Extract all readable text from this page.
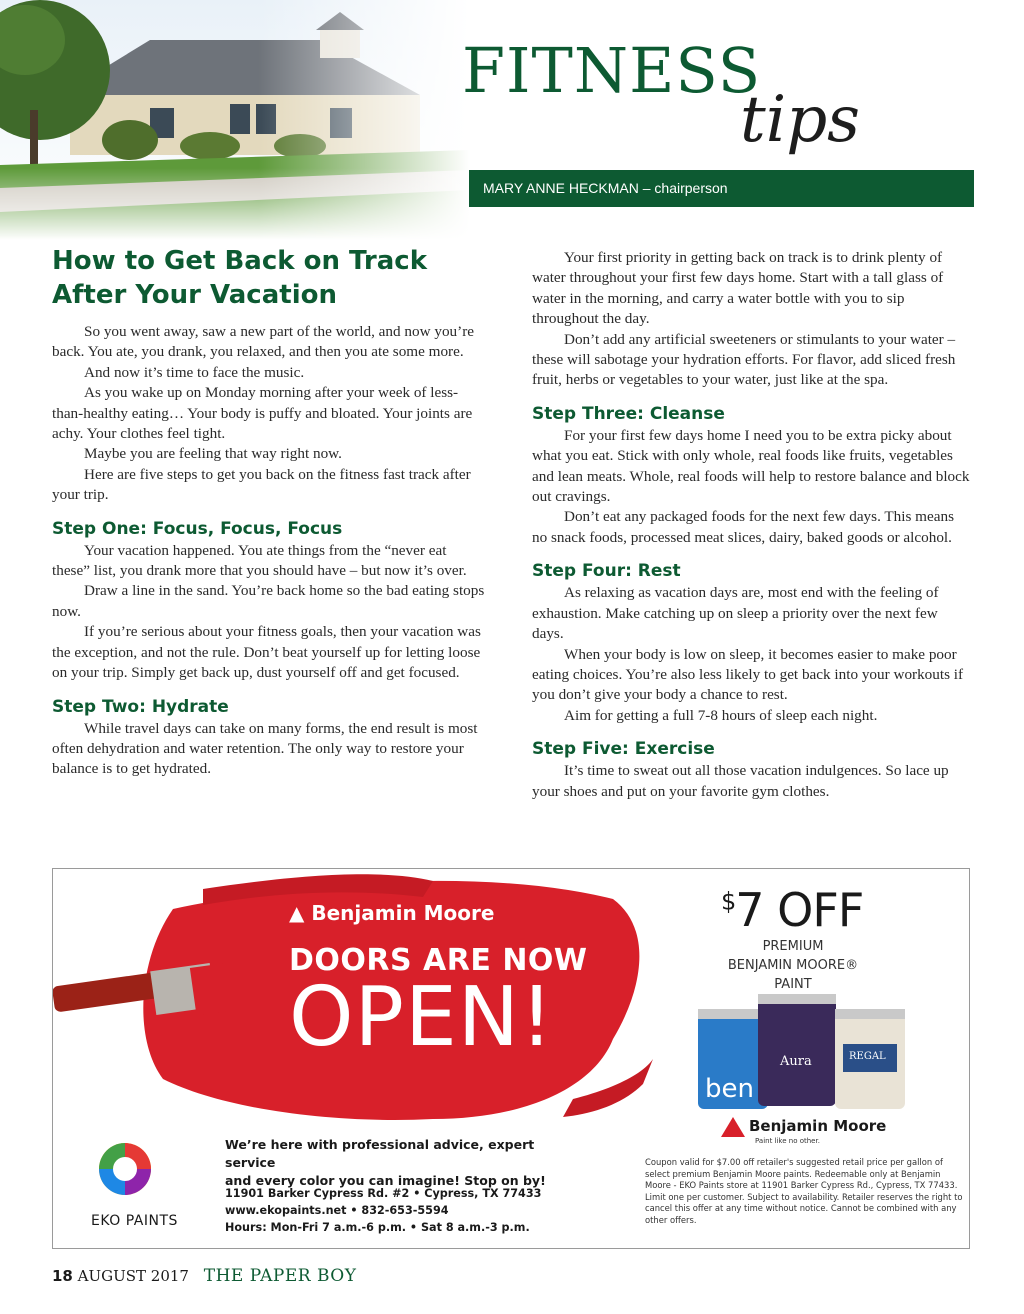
FITNESS
tips
MARY ANNE HECKMAN – chairperson
How to Get Back on Track After Your Vacation

So you went away, saw a new part of the world, and now you’re back. You ate, you drank, you relaxed, and then you ate some more.

And now it’s time to face the music.

As you wake up on Monday morning after your week of less-than-healthy eating… Your body is puffy and bloated. Your joints are achy. Your clothes feel tight.

Maybe you are feeling that way right now.

Here are five steps to get you back on the fitness fast track after your trip.

Step One: Focus, Focus, Focus

Your vacation happened. You ate things from the “never eat these” list, you drank more that you should have – but now it’s over.

Draw a line in the sand. You’re back home so the bad eating stops now.

If you’re serious about your fitness goals, then your vacation was the exception, and not the rule. Don’t beat yourself up for letting loose on your trip. Simply get back up, dust yourself off and get focused.

Step Two: Hydrate

While travel days can take on many forms, the end result is most often dehydration and water retention. The only way to restore your balance is to get hydrated.

Your first priority in getting back on track is to drink plenty of water throughout your first few days home. Start with a tall glass of water in the morning, and carry a water bottle with you to sip throughout the day.

Don’t add any artificial sweeteners or stimulants to your water – these will sabotage your hydration efforts. For flavor, add sliced fresh fruit, herbs or vegetables to your water, just like at the spa.

Step Three: Cleanse

For your first few days home I need you to be extra picky about what you eat. Stick with only whole, real foods like fruits, vegetables and lean meats. Whole, real foods will help to restore balance and block out cravings.

Don’t eat any packaged foods for the next few days. This means no snack foods, processed meat slices, dairy, baked goods or alcohol.

Step Four: Rest

As relaxing as vacation days are, most end with the feeling of exhaustion. Make catching up on sleep a priority over the next few days.

When your body is low on sleep, it becomes easier to make poor eating choices. You’re also less likely to get back into your workouts if you don’t give your body a chance to rest.

Aim for getting a full 7-8 hours of sleep each night.

Step Five: Exercise

It’s time to sweat out all those vacation indulgences. So lace up your shoes and put on your favorite gym clothes.

▲ Benjamin Moore
DOORS ARE NOW
OPEN!
We’re here with professional advice, expert service
and every color you can imagine! Stop on by!
11901 Barker Cypress Rd. #2 • Cypress, TX 77433
www.ekopaints.net • 832-653-5594
Hours: Mon-Fri 7 a.m.-6 p.m. • Sat 8 a.m.-3 p.m.
EKO PAINTS
$7 OFF
PREMIUM
BENJAMIN MOORE®
PAINT
ben
Aura	REGAL
Benjamin Moore
Paint like no other.
Coupon valid for $7.00 off retailer's suggested retail price per gallon of select premium Benjamin Moore paints. Redeemable only at Benjamin Moore - EKO Paints store at 11901 Barker Cypress Rd., Cypress, TX 77433. Limit one per customer. Subject to availability. Retailer reserves the right to cancel this offer at any time without notice. Cannot be combined with any other offers.
18 AUGUST 2017 THE PAPER BOY
